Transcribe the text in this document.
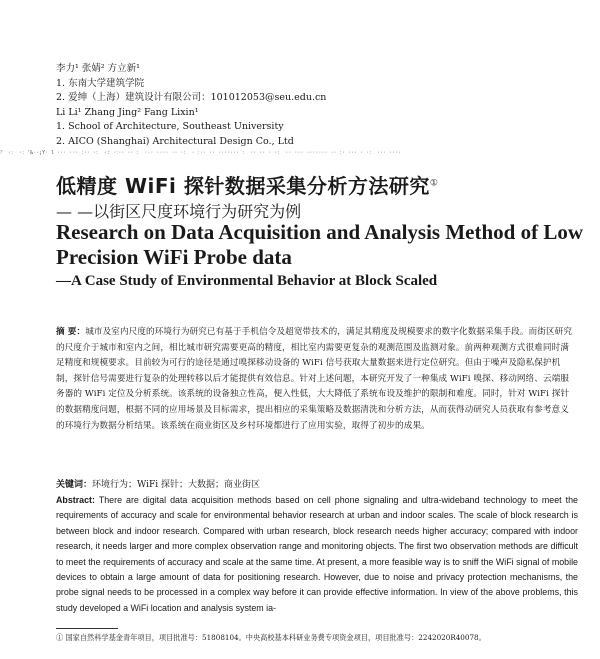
李力¹ 张婧² 方立新¹
1. 东南大学建筑学院
2. 爱绅（上海）建筑设计有限公司：101012053@seu.edu.cn
Li Li¹ Zhang Jing² Fang Lixin¹
1. School of Architecture, Southeast University
2. AICO (Shanghai) Architectural Design Co., Ltd
？ ·： ·：'&··¡Ÿ· l ··· ··· ：·· ·： ·: ·：·· ·· ： ··· ···· ·· ·： · ：·· ·· ······· ： ·· ·· · ·： ·· ··· ······· ·· ：· ··· · ·： ··· ····
低精度 WiFi 探针数据采集分析方法研究①
— —以街区尺度环境行为研究为例
Research on Data Acquisition and Analysis Method of Low Precision WiFi Probe data
—A Case Study of Environmental Behavior at Block Scaled
摘 要：城市及室内尺度的环境行为研究已有基于手机信令及超宽带技术的，满足其精度及规模要求的数字化数据采集手段。而街区研究的尺度介于城市和室内之间，相比城市研究需要更高的精度，相比室内需要更复杂的观测范围及监测对象。前两种观测方式很难同时满足精度和规模要求。目前较为可行的途径是通过嗅探移动设备的 WiFi 信号获取大量数据来进行定位研究。但由于噪声及隐私保护机制，探针信号需要进行复杂的处理转移以后才能提供有效信息。针对上述问题，本研究开发了一种集成 WiFi 嗅探、移动网络、云端服务器的 WiFi 定位及分析系统。该系统的设备独立性高，便入性低，大大降低了系统布设及维护的限制和难度。同时，针对 WiFi 探针的数据精度问题，根据不同的应用场景及目标需求，提出相应的采集策略及数据清洗和分析方法，从而获得动研究人员获取有参考意义的环境行为数据分析结果。该系统在商业街区及乡村环境都进行了应用实验，取得了初步的成果。
关键词：环境行为；WiFi 探针；大数据；商业街区
Abstract: There are digital data acquisition methods based on cell phone signaling and ultra-wideband technology to meet the requirements of accuracy and scale for environmental behavior research at urban and indoor scales. The scale of block research is between block and indoor research. Compared with urban research, block research needs higher accuracy; compared with indoor research, it needs larger and more complex observation range and monitoring objects. The first two observation methods are difficult to meet the requirements of accuracy and scale at the same time. At present, a more feasible way is to sniff the WiFi signal of mobile devices to obtain a large amount of data for positioning research. However, due to noise and privacy protection mechanisms, the probe signal needs to be processed in a complex way before it can provide effective information. In view of the above problems, this study developed a WiFi location and analysis system ia-
① 国家自然科学基金青年项目，项目批准号：51808104。中央高校基本科研业务费专项资金项目，项目批准号：2242020R40078。
